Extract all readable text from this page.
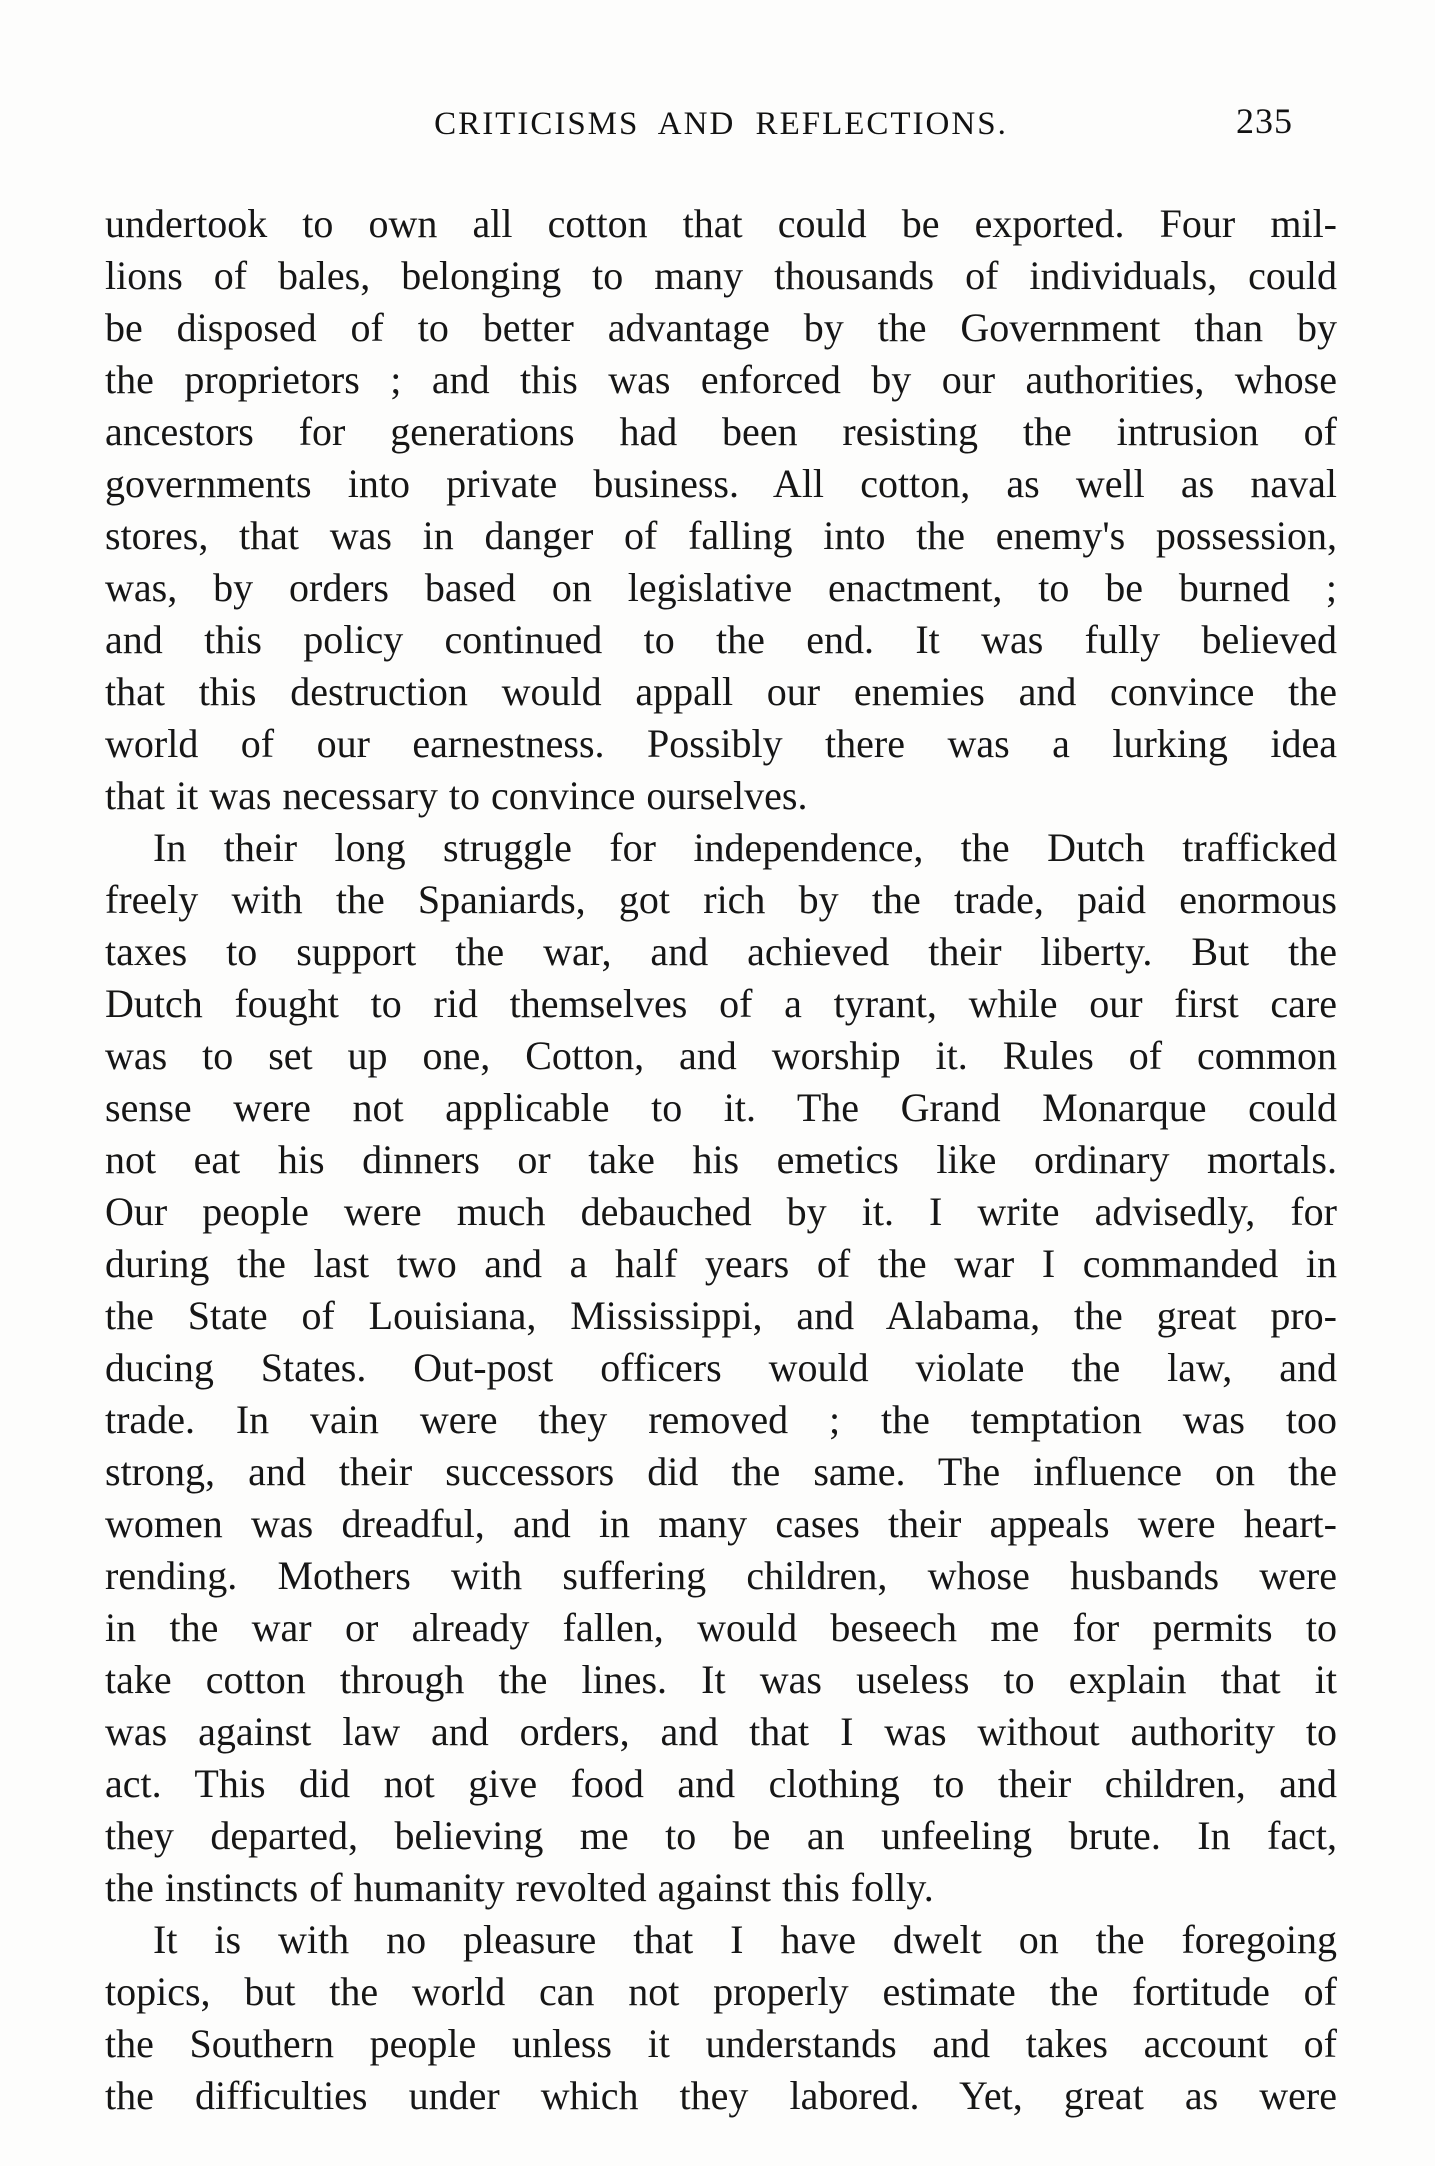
CRITICISMS AND REFLECTIONS.	235
undertook to own all cotton that could be exported. Four mil-
lions of bales, belonging to many thousands of individuals, could
be disposed of to better advantage by the Government than by
the proprietors ; and this was enforced by our authorities, whose
ancestors for generations had been resisting the intrusion of
governments into private business. All cotton, as well as naval
stores, that was in danger of falling into the enemy's possession,
was, by orders based on legislative enactment, to be burned ;
and this policy continued to the end. It was fully believed
that this destruction would appall our enemies and convince the
world of our earnestness. Possibly there was a lurking idea
that it was necessary to convince ourselves.
In their long struggle for independence, the Dutch trafficked
freely with the Spaniards, got rich by the trade, paid enormous
taxes to support the war, and achieved their liberty. But the
Dutch fought to rid themselves of a tyrant, while our first care
was to set up one, Cotton, and worship it. Rules of common
sense were not applicable to it. The Grand Monarque could
not eat his dinners or take his emetics like ordinary mortals.
Our people were much debauched by it. I write advisedly, for
during the last two and a half years of the war I commanded in
the State of Louisiana, Mississippi, and Alabama, the great pro-
ducing States. Out-post officers would violate the law, and
trade. In vain were they removed ; the temptation was too
strong, and their successors did the same. The influence on the
women was dreadful, and in many cases their appeals were heart-
rending. Mothers with suffering children, whose husbands were
in the war or already fallen, would beseech me for permits to
take cotton through the lines. It was useless to explain that it
was against law and orders, and that I was without authority to
act. This did not give food and clothing to their children, and
they departed, believing me to be an unfeeling brute. In fact,
the instincts of humanity revolted against this folly.
It is with no pleasure that I have dwelt on the foregoing
topics, but the world can not properly estimate the fortitude of
the Southern people unless it understands and takes account of
the difficulties under which they labored. Yet, great as were
